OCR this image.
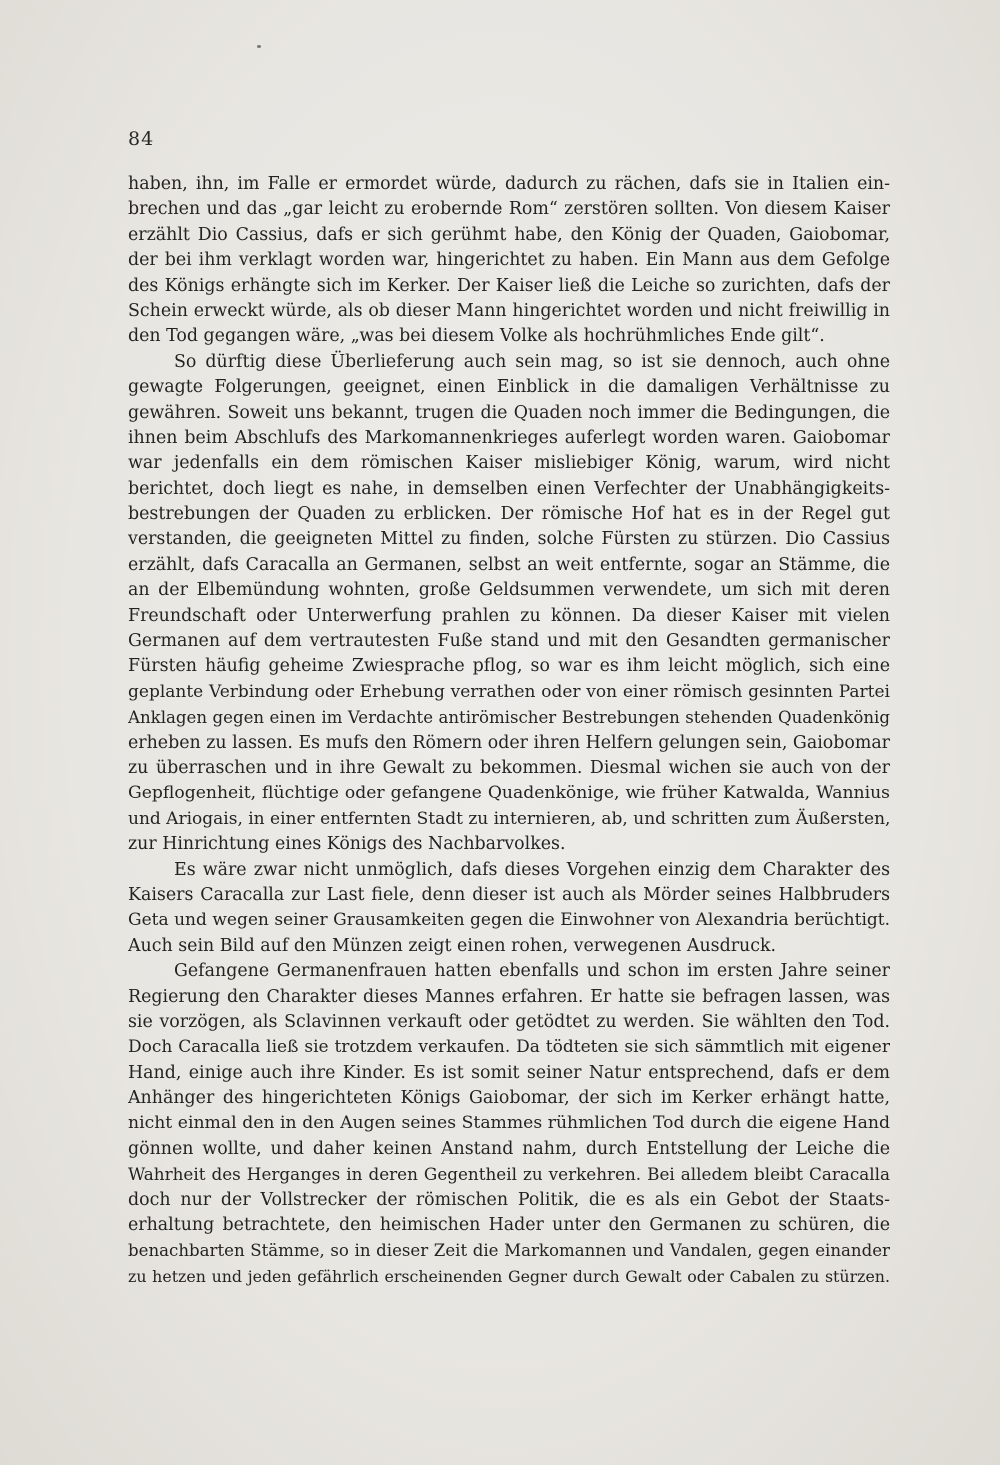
84
haben, ihn, im Falle er ermordet würde, dadurch zu rächen, dafs sie in Italien ein-
brechen und das „gar leicht zu erobernde Rom“ zerstören sollten. Von diesem Kaiser
erzählt Dio Cassius, dafs er sich gerühmt habe, den König der Quaden, Gaiobomar,
der bei ihm verklagt worden war, hingerichtet zu haben. Ein Mann aus dem Gefolge
des Königs erhängte sich im Kerker. Der Kaiser ließ die Leiche so zurichten, dafs der
Schein erweckt würde, als ob dieser Mann hingerichtet worden und nicht freiwillig in
den Tod gegangen wäre, „was bei diesem Volke als hochrühmliches Ende gilt“.
So dürftig diese Überlieferung auch sein mag, so ist sie dennoch, auch ohne
gewagte Folgerungen, geeignet, einen Einblick in die damaligen Verhältnisse zu
gewähren. Soweit uns bekannt, trugen die Quaden noch immer die Bedingungen, die
ihnen beim Abschlufs des Markomannenkrieges auferlegt worden waren. Gaiobomar
war jedenfalls ein dem römischen Kaiser misliebiger König, warum, wird nicht
berichtet, doch liegt es nahe, in demselben einen Verfechter der Unabhängigkeits-
bestrebungen der Quaden zu erblicken. Der römische Hof hat es in der Regel gut
verstanden, die geeigneten Mittel zu finden, solche Fürsten zu stürzen. Dio Cassius
erzählt, dafs Caracalla an Germanen, selbst an weit entfernte, sogar an Stämme, die
an der Elbemündung wohnten, große Geldsummen verwendete, um sich mit deren
Freundschaft oder Unterwerfung prahlen zu können. Da dieser Kaiser mit vielen
Germanen auf dem vertrautesten Fuße stand und mit den Gesandten germanischer
Fürsten häufig geheime Zwiesprache pflog, so war es ihm leicht möglich, sich eine
geplante Verbindung oder Erhebung verrathen oder von einer römisch gesinnten Partei
Anklagen gegen einen im Verdachte antirömischer Bestrebungen stehenden Quadenkönig
erheben zu lassen. Es mufs den Römern oder ihren Helfern gelungen sein, Gaiobomar
zu überraschen und in ihre Gewalt zu bekommen. Diesmal wichen sie auch von der
Gepflogenheit, flüchtige oder gefangene Quadenkönige, wie früher Katwalda, Wannius
und Ariogais, in einer entfernten Stadt zu internieren, ab, und schritten zum Äußersten,
zur Hinrichtung eines Königs des Nachbarvolkes.
Es wäre zwar nicht unmöglich, dafs dieses Vorgehen einzig dem Charakter des
Kaisers Caracalla zur Last fiele, denn dieser ist auch als Mörder seines Halbbruders
Geta und wegen seiner Grausamkeiten gegen die Einwohner von Alexandria berüchtigt.
Auch sein Bild auf den Münzen zeigt einen rohen, verwegenen Ausdruck.
Gefangene Germanenfrauen hatten ebenfalls und schon im ersten Jahre seiner
Regierung den Charakter dieses Mannes erfahren. Er hatte sie befragen lassen, was
sie vorzögen, als Sclavinnen verkauft oder getödtet zu werden. Sie wählten den Tod.
Doch Caracalla ließ sie trotzdem verkaufen. Da tödteten sie sich sämmtlich mit eigener
Hand, einige auch ihre Kinder. Es ist somit seiner Natur entsprechend, dafs er dem
Anhänger des hingerichteten Königs Gaiobomar, der sich im Kerker erhängt hatte,
nicht einmal den in den Augen seines Stammes rühmlichen Tod durch die eigene Hand
gönnen wollte, und daher keinen Anstand nahm, durch Entstellung der Leiche die
Wahrheit des Herganges in deren Gegentheil zu verkehren. Bei alledem bleibt Caracalla
doch nur der Vollstrecker der römischen Politik, die es als ein Gebot der Staats-
erhaltung betrachtete, den heimischen Hader unter den Germanen zu schüren, die
benachbarten Stämme, so in dieser Zeit die Markomannen und Vandalen, gegen einander
zu hetzen und jeden gefährlich erscheinenden Gegner durch Gewalt oder Cabalen zu stürzen.
